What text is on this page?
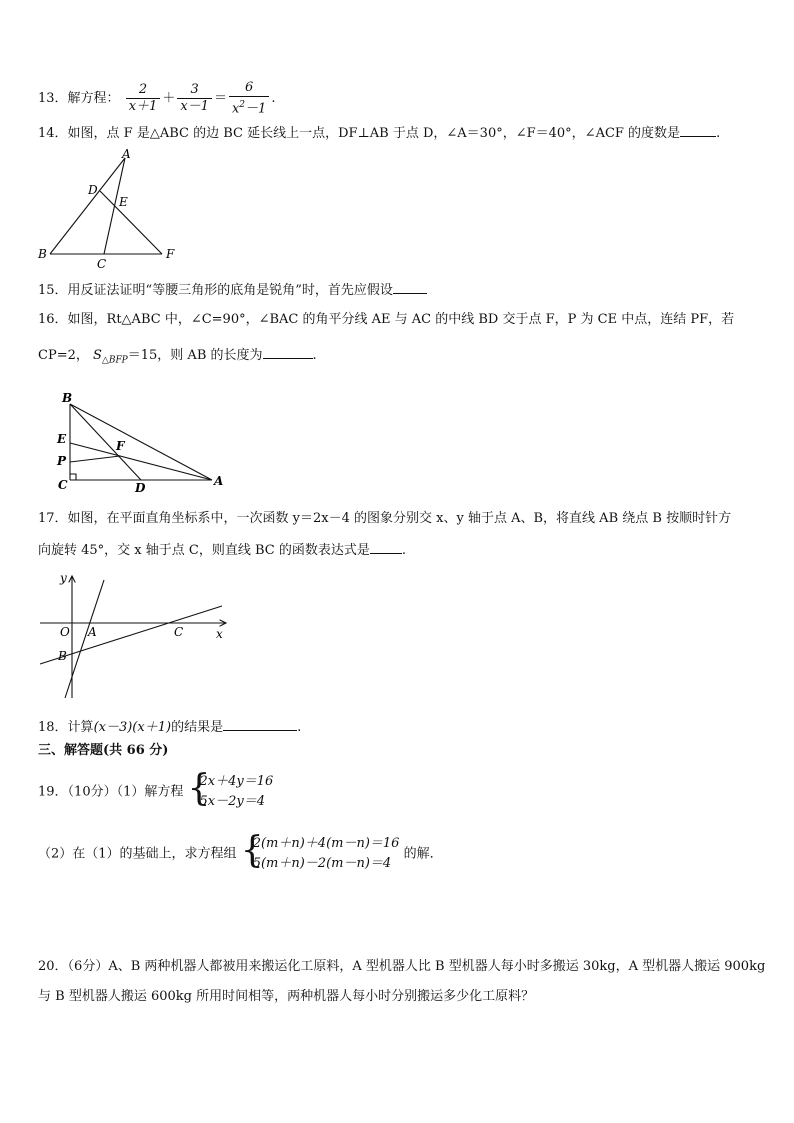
13．解方程： $\frac{2}{x+1} + \frac{3}{x-1} = \frac{6}{x^2-1}$ .
14．如图，点 F 是△ABC 的边 BC 延长线上一点，DF⊥AB 于点 D，∠A＝30°，∠F＝40°，∠ACF 的度数是	.
A
B
C
D
E
F
15．用反证法证明“等腰三角形的底角是锐角”时，首先应假设
16．如图，Rt△ABC 中，∠C=90°，∠BAC 的角平分线 AE 与 AC 的中线 BD 交于点 F，P 为 CE 中点，连结 PF，若
CP=2， $S_{\triangle BFP}=15$，则 AB 的长度为	.
B
E
P
C	D
F
A
17．如图，在平面直角坐标系中，一次函数 y＝2x－4 的图象分别交 x、y 轴于点 A、B，将直线 AB 绕点 B 按顺时针方
向旋转 45°，交 x 轴于点 C，则直线 BC 的函数表达式是 .
y
x
O A
B
C
18．计算(x－3)(x＋1)的结果是	.
三、解答题(共 66 分)
19．（10分）（1）解方程 {
2x＋4y＝16
5x－2y＝4
（2）在（1）的基础上，求方程组 {
2(m＋n)＋4(m－n)＝16
5(m＋n)－2(m－n)＝4
的解．
20．（6分）A、B 两种机器人都被用来搬运化工原料，A 型机器人比 B 型机器人每小时多搬运 30kg，A 型机器人搬运 900kg
与 B 型机器人搬运 600kg 所用时间相等，两种机器人每小时分别搬运多少化工原料？
